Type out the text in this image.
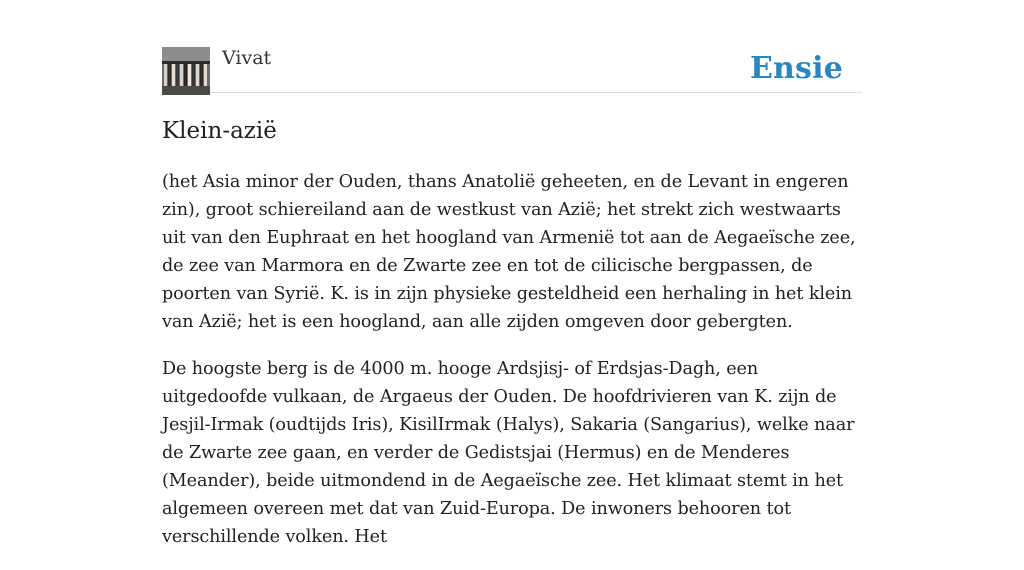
Vivat	Ensie
Klein-azië

(het Asia minor der Ouden, thans Anatolië geheeten, en de Levant in engeren zin), groot schiereiland aan de westkust van Azië; het strekt zich westwaarts uit van den Euphraat en het hoogland van Armenië tot aan de Aegaeïsche zee, de zee van Marmora en de Zwarte zee en tot de cilicische bergpassen, de poorten van Syrië. K. is in zijn physieke gesteldheid een herhaling in het klein van Azië; het is een hoogland, aan alle zijden omgeven door gebergten.

De hoogste berg is de 4000 m. hooge Ardsjisj- of Erdsjas-Dagh, een uitgedoofde vulkaan, de Argaeus der Ouden. De hoofdrivieren van K. zijn de Jesjil-Irmak (oudtijds Iris), KisilIrmak (Halys), Sakaria (Sangarius), welke naar de Zwarte zee gaan, en verder de Gedistsjai (Hermus) en de Menderes (Meander), beide uitmondend in de Aegaeïsche zee. Het klimaat stemt in het algemeen overeen met dat van Zuid-Europa. De inwoners behooren tot verschillende volken. Het
